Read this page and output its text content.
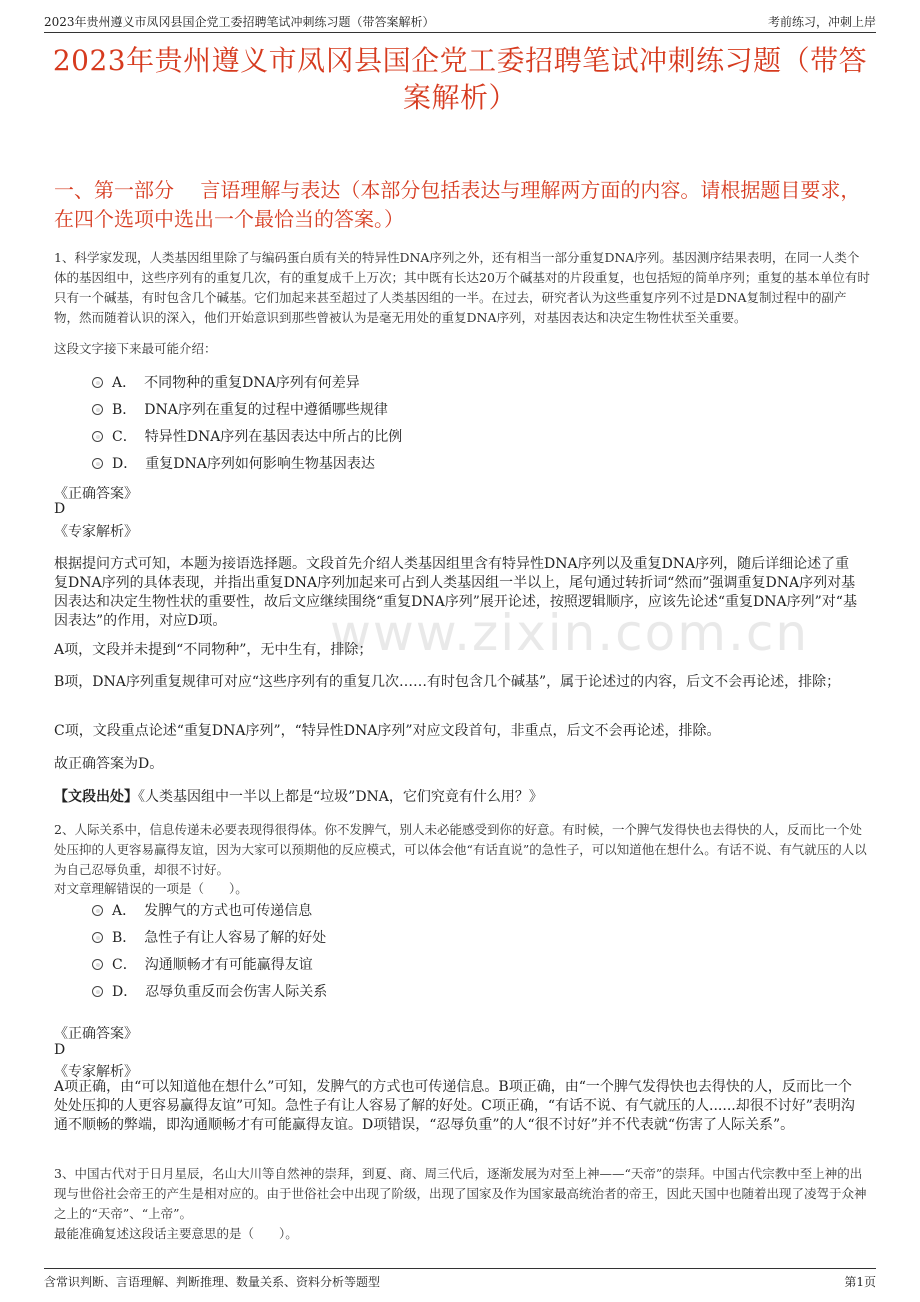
2023年贵州遵义市凤冈县国企党工委招聘笔试冲刺练习题（带答案解析）	考前练习，冲刺上岸
2023年贵州遵义市凤冈县国企党工委招聘笔试冲刺练习题（带答案解析）
一、第一部分　 言语理解与表达（本部分包括表达与理解两方面的内容。请根据题目要求，在四个选项中选出一个最恰当的答案。）
www.zixin.com.cn
1、科学家发现，人类基因组里除了与编码蛋白质有关的特异性DNA序列之外，还有相当一部分重复DNA序列。基因测序结果表明，在同一人类个体的基因组中，这些序列有的重复几次，有的重复成千上万次；其中既有长达20万个碱基对的片段重复，也包括短的简单序列；重复的基本单位有时只有一个碱基，有时包含几个碱基。它们加起来甚至超过了人类基因组的一半。在过去，研究者认为这些重复序列不过是DNA复制过程中的副产物，然而随着认识的深入，他们开始意识到那些曾被认为是毫无用处的重复DNA序列，对基因表达和决定生物性状至关重要。
这段文字接下来最可能介绍：
A． 不同物种的重复DNA序列有何差异
B． DNA序列在重复的过程中遵循哪些规律
C． 特异性DNA序列在基因表达中所占的比例
D． 重复DNA序列如何影响生物基因表达
《正确答案》
D
《专家解析》
根据提问方式可知，本题为接语选择题。文段首先介绍人类基因组里含有特异性DNA序列以及重复DNA序列，随后详细论述了重复DNA序列的具体表现，并指出重复DNA序列加起来可占到人类基因组一半以上，尾句通过转折词“然而”强调重复DNA序列对基因表达和决定生物性状的重要性，故后文应继续围绕“重复DNA序列”展开论述，按照逻辑顺序，应该先论述“重复DNA序列”对“基因表达”的作用，对应D项。
A项，文段并未提到“不同物种”，无中生有，排除；
B项，DNA序列重复规律可对应“这些序列有的重复几次……有时包含几个碱基”，属于论述过的内容，后文不会再论述，排除；
C项，文段重点论述“重复DNA序列”，“特异性DNA序列”对应文段首句，非重点，后文不会再论述，排除。
故正确答案为D。
【文段出处】《人类基因组中一半以上都是“垃圾”DNA，它们究竟有什么用？》
2、人际关系中，信息传递未必要表现得很得体。你不发脾气，别人未必能感受到你的好意。有时候，一个脾气发得快也去得快的人，反而比一个处处压抑的人更容易赢得友谊，因为大家可以预期他的反应模式，可以体会他“有话直说”的急性子，可以知道他在想什么。有话不说、有气就压的人以为自己忍辱负重，却很不讨好。
对文章理解错误的一项是（　　）。
A． 发脾气的方式也可传递信息
B． 急性子有让人容易了解的好处
C． 沟通顺畅才有可能赢得友谊
D． 忍辱负重反而会伤害人际关系
《正确答案》
D
《专家解析》
A项正确，由“可以知道他在想什么”可知，发脾气的方式也可传递信息。B项正确，由“一个脾气发得快也去得快的人，反而比一个处处压抑的人更容易赢得友谊”可知。急性子有让人容易了解的好处。C项正确，“有话不说、有气就压的人......却很不讨好”表明沟通不顺畅的弊端，即沟通顺畅才有可能赢得友谊。D项错误，“忍辱负重”的人“很不讨好”并不代表就“伤害了人际关系”。
3、中国古代对于日月星辰，名山大川等自然神的崇拜，到夏、商、周三代后，逐渐发展为对至上神——“天帝”的崇拜。中国古代宗教中至上神的出现与世俗社会帝王的产生是相对应的。由于世俗社会中出现了阶级，出现了国家及作为国家最高统治者的帝王，因此天国中也随着出现了凌驾于众神之上的“天帝”、“上帝”。
最能准确复述这段话主要意思的是（　　）。
含常识判断、言语理解、判断推理、数量关系、资料分析等题型	第1页
